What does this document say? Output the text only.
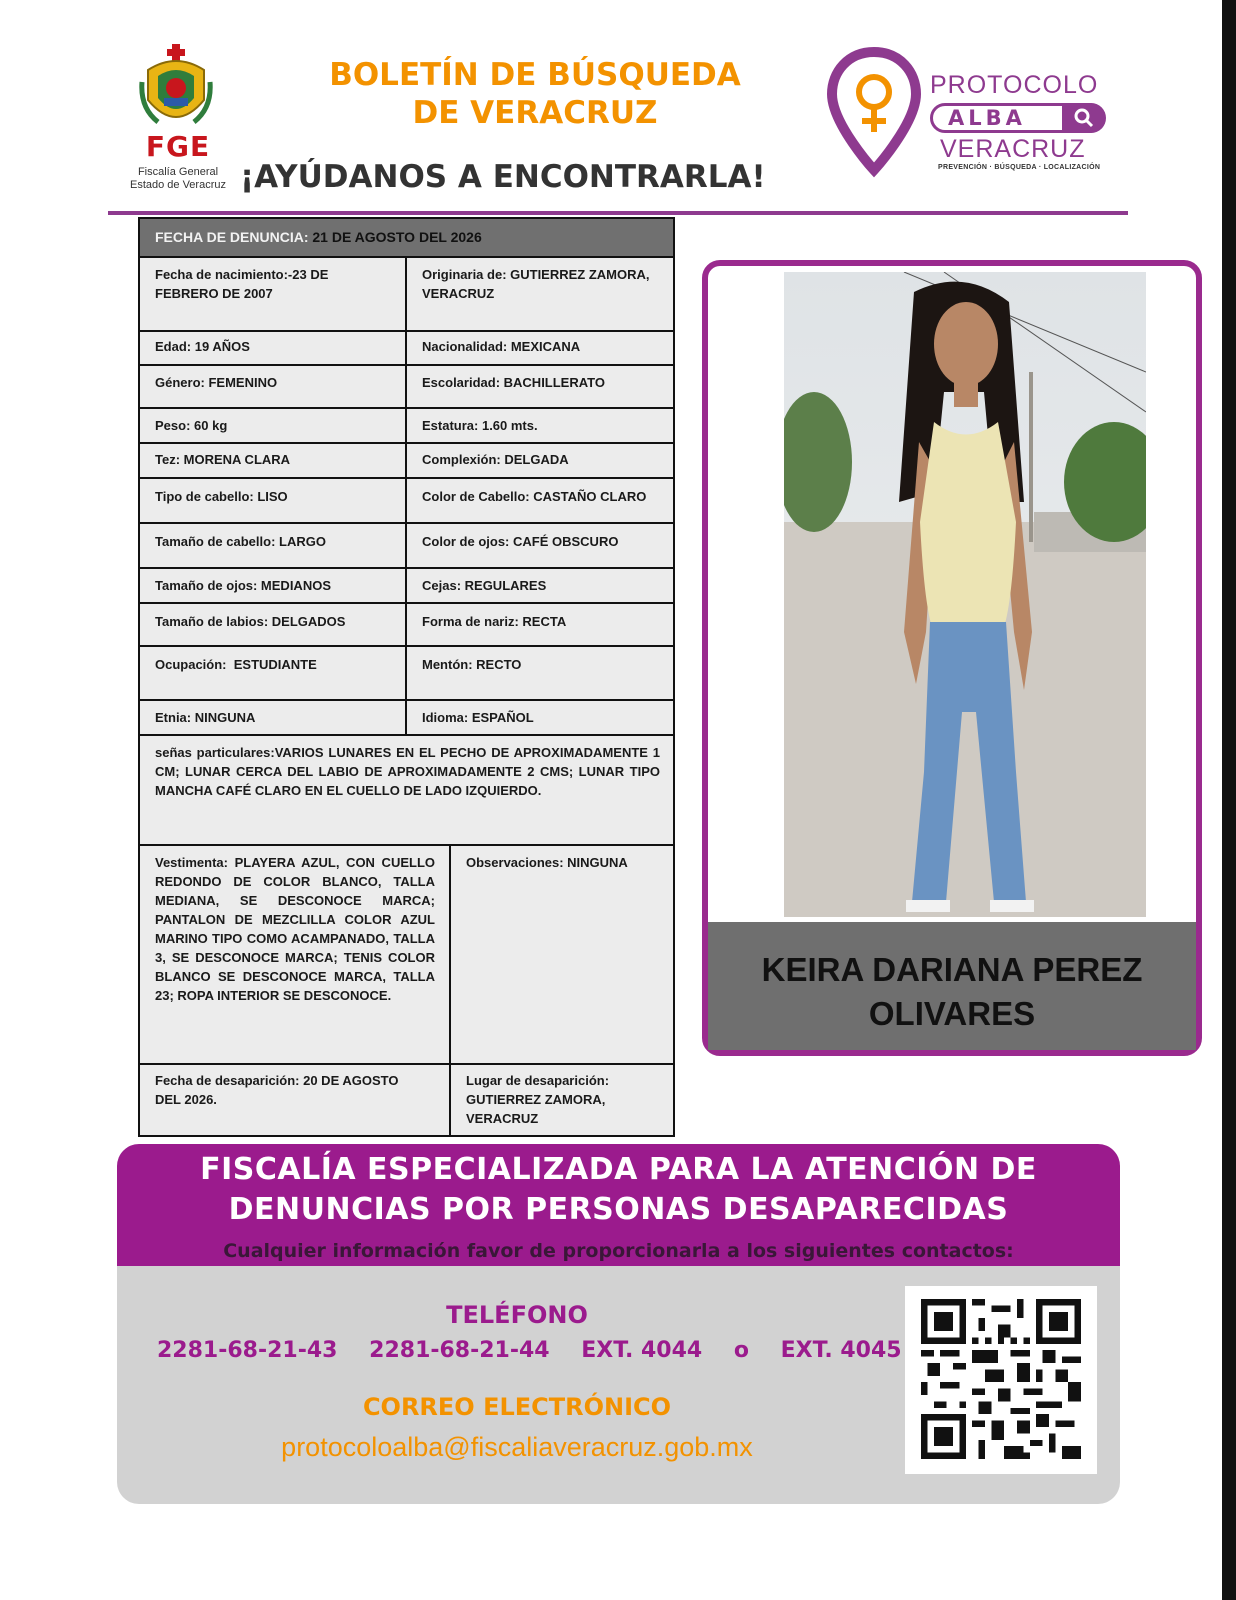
FGE
Fiscalía General
Estado de Veracruz
BOLETÍN DE BÚSQUEDA
DE VERACRUZ
¡AYÚDANOS A ENCONTRARLA!
PROTOCOLO
ALBA
VERACRUZ
PREVENCIÓN · BÚSQUEDA · LOCALIZACIÓN
FECHA DE DENUNCIA: 21 DE AGOSTO DEL 2026
Fecha de nacimiento:-23 DE FEBRERO DE 2007
Originaria de: GUTIERREZ ZAMORA, VERACRUZ
Edad: 19 AÑOS	Nacionalidad: MEXICANA
Género: FEMENINO	Escolaridad: BACHILLERATO
Peso: 60 kg	Estatura: 1.60 mts.
Tez: MORENA CLARA	Complexión: DELGADA
Tipo de cabello: LISO	Color de Cabello: CASTAÑO CLARO
Tamaño de cabello: LARGO	Color de ojos: CAFÉ OBSCURO
Tamaño de ojos: MEDIANOS	Cejas: REGULARES
Tamaño de labios: DELGADOS	Forma de nariz: RECTA
Ocupación:  ESTUDIANTE	Mentón: RECTO
Etnia: NINGUNA	Idioma: ESPAÑOL
señas particulares:VARIOS LUNARES EN EL PECHO DE APROXIMADAMENTE 1 CM; LUNAR CERCA DEL LABIO DE APROXIMADAMENTE 2 CMS; LUNAR TIPO MANCHA CAFÉ CLARO EN EL CUELLO DE LADO IZQUIERDO.
Vestimenta: PLAYERA AZUL, CON CUELLO REDONDO DE COLOR BLANCO, TALLA MEDIANA, SE DESCONOCE MARCA; PANTALON DE MEZCLILLA COLOR AZUL MARINO TIPO COMO ACAMPANADO, TALLA 3, SE DESCONOCE MARCA; TENIS COLOR BLANCO SE DESCONOCE MARCA, TALLA 23; ROPA INTERIOR SE DESCONOCE.
Observaciones: NINGUNA
Fecha de desaparición: 20 DE AGOSTO DEL 2026.
Lugar de desaparición: GUTIERREZ ZAMORA, VERACRUZ
KEIRA DARIANA PEREZ OLIVARES
FISCALÍA ESPECIALIZADA PARA LA ATENCIÓN DE
DENUNCIAS POR PERSONAS DESAPARECIDAS
Cualquier información favor de proporcionarla a los siguientes contactos:
TELÉFONO
2281-68-21-43 2281-68-21-44 EXT. 4044 o EXT. 4045
CORREO ELECTRÓNICO
protocoloalba@fiscaliaveracruz.gob.mx
